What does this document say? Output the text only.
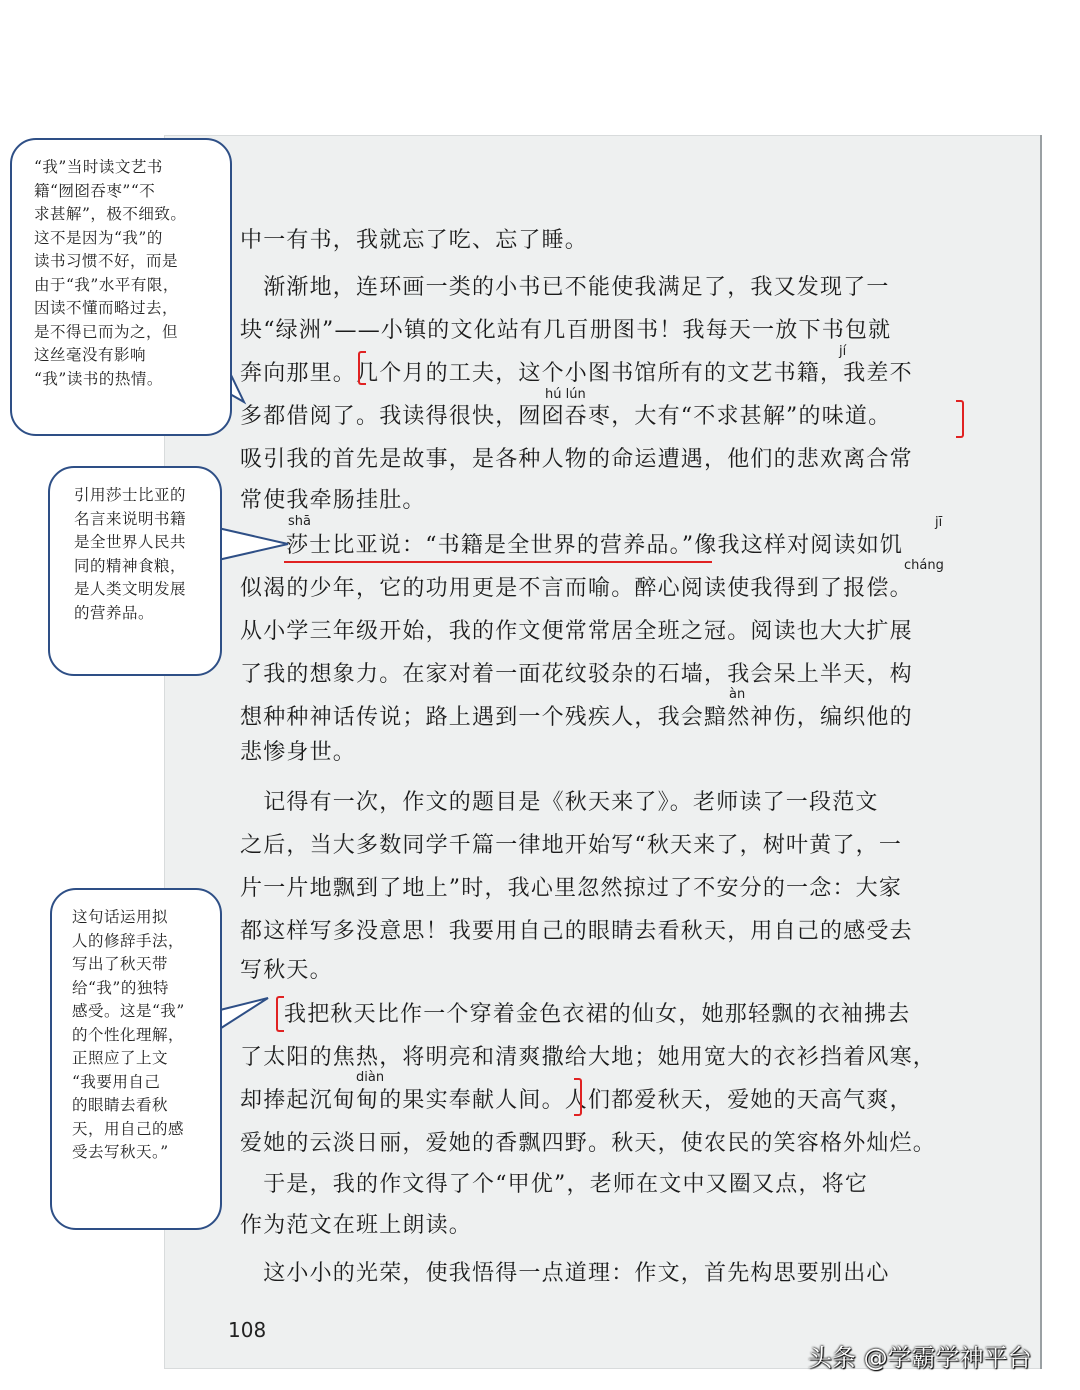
中一有书，我就忘了吃、忘了睡。
　渐渐地，连环画一类的小书已不能使我满足了，我又发现了一
块“绿洲”——小镇的文化站有几百册图书！我每天一放下书包就
奔向那里。几个月的工夫，这个小图书馆所有的文艺书籍，我差不
多都借阅了。我读得很快，囫囵吞枣，大有“不求甚解”的味道。
吸引我的首先是故事，是各种人物的命运遭遇，他们的悲欢离合常
常使我牵肠挂肚。
莎士比亚说：“书籍是全世界的营养品。”像我这样对阅读如饥
似渴的少年，它的功用更是不言而喻。醉心阅读使我得到了报偿。
从小学三年级开始，我的作文便常常居全班之冠。阅读也大大扩展
了我的想象力。在家对着一面花纹驳杂的石墙，我会呆上半天，构
想种种神话传说；路上遇到一个残疾人，我会黯然神伤，编织他的
悲惨身世。
　记得有一次，作文的题目是《秋天来了》。老师读了一段范文
之后，当大多数同学千篇一律地开始写“秋天来了，树叶黄了，一
片一片地飘到了地上”时，我心里忽然掠过了不安分的一念：大家
都这样写多没意思！我要用自己的眼睛去看秋天，用自己的感受去
写秋天。
我把秋天比作一个穿着金色衣裙的仙女，她那轻飘的衣袖拂去
了太阳的焦热，将明亮和清爽撒给大地；她用宽大的衣衫挡着风寒，
却捧起沉甸甸的果实奉献人间。人们都爱秋天，爱她的天高气爽，
爱她的云淡日丽，爱她的香飘四野。秋天，使农民的笑容格外灿烂。
　于是，我的作文得了个“甲优”，老师在文中又圈又点，将它
作为范文在班上朗读。
　这小小的光荣，使我悟得一点道理：作文，首先构思要别出心
jí
hú lún
shā	jī
cháng
àn
diàn
108
“我”当时读文艺书
籍“囫囵吞枣”“不
求甚解”，极不细致。
这不是因为“我”的
读书习惯不好，而是
由于“我”水平有限，
因读不懂而略过去，
是不得已而为之，但
这丝毫没有影响
“我”读书的热情。
引用莎士比亚的
名言来说明书籍
是全世界人民共
同的精神食粮，
是人类文明发展
的营养品。
这句话运用拟
人的修辞手法，
写出了秋天带
给“我”的独特
感受。这是“我”
的个性化理解，
正照应了上文
“我要用自己
的眼睛去看秋
天，用自己的感
受去写秋天。”
头条 @学霸学神平台
